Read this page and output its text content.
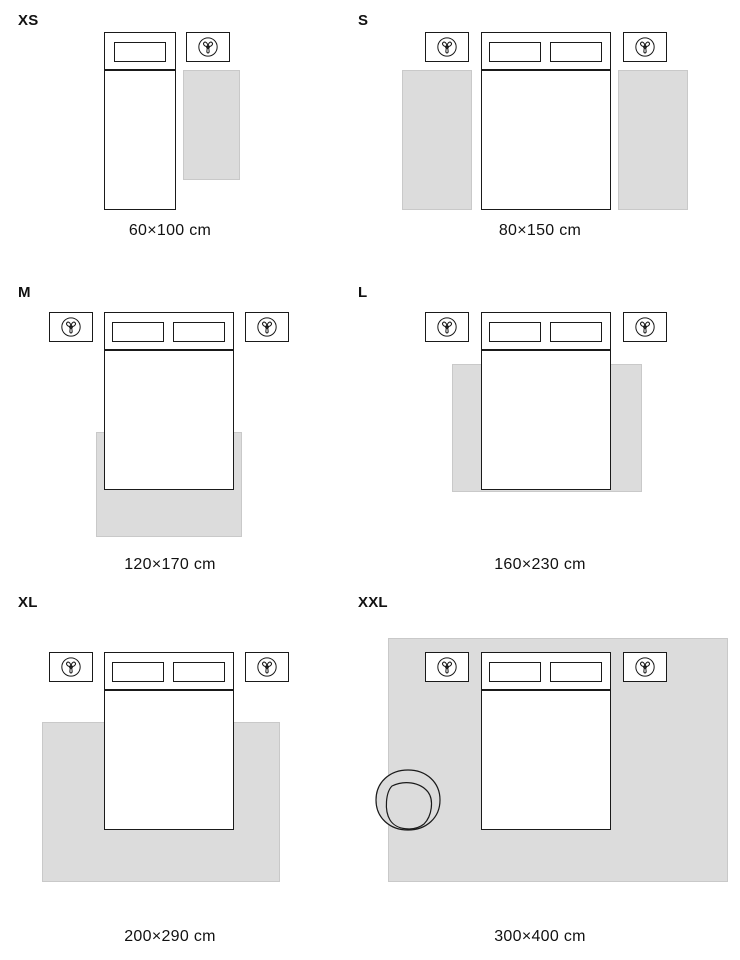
XS
60×100 cm
S
80×150 cm
M
120×170 cm
L
160×230 cm
XL
200×290 cm
XXL
300×400 cm
